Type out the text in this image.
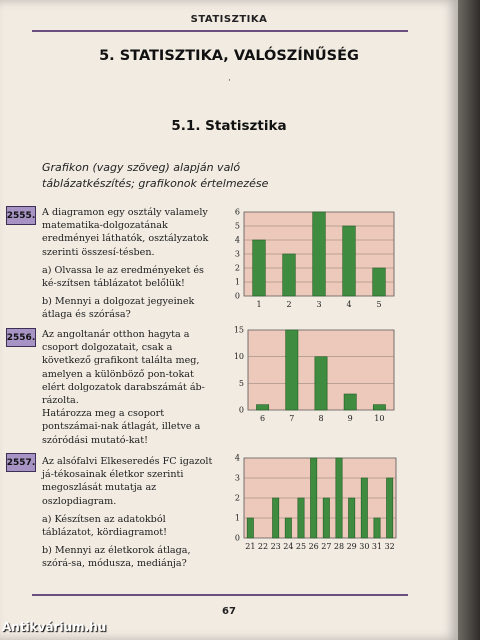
STATISZTIKA
5. STATISZTIKA, VALÓSZÍNŰSÉG
·
5.1. Statisztika
Grafikon (vagy szöveg) alapján való táblázatkészítés; grafikonok értelmezése
2555. A diagramon egy osztály valamely matematika-dolgozatának eredményei láthatók, osztályzatok szerinti összesí-tésben.

a) Olvassa le az eredményeket és ké-szítsen táblázatot belőlük!

b) Mennyi a dolgozat jegyeinek átlaga és szórása?

0
1
2
3
4
5
6
1	2	3	4	5
2556. Az angoltanár otthon hagyta a csoport dolgozatait, csak a következő grafikont találta meg, amelyen a különböző pon-tokat elért dolgozatok darabszámát áb-rázolta.

Határozza meg a csoport pontszámai-nak átlagát, illetve a szóródási mutató-kat!

0
5
10
15
6	7	8	9	10
2557. Az alsófalvi Elkeseredés FC igazolt já-tékosainak életkor szerinti megoszlását mutatja az oszlopdiagram.

a) Készítsen az adatokból táblázatot, kördiagramot!

b) Mennyi az életkorok átlaga, szórá-sa, módusza, mediánja?

0
1
2
3
4
21 22 23 24 25 26 27 28 29 30 31 32
67
Antikvárium.hu
